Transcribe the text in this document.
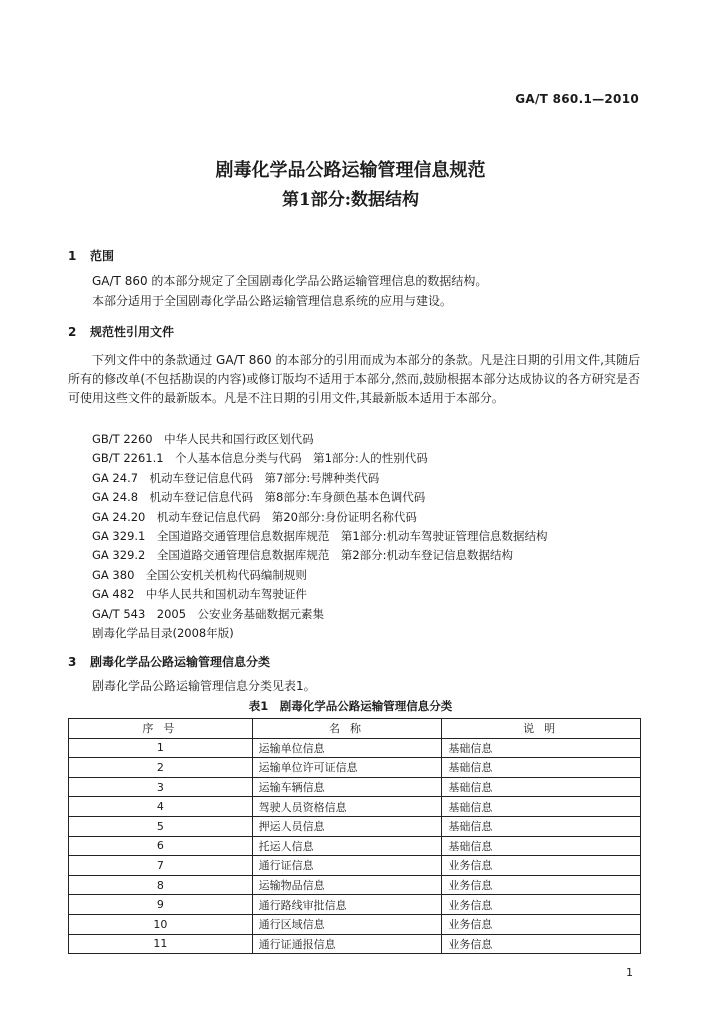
GA/T 860.1—2010
剧毒化学品公路运输管理信息规范
第1部分:数据结构
1 范围
GA/T 860 的本部分规定了全国剧毒化学品公路运输管理信息的数据结构。
本部分适用于全国剧毒化学品公路运输管理信息系统的应用与建设。
2 规范性引用文件
下列文件中的条款通过 GA/T 860 的本部分的引用而成为本部分的条款。凡是注日期的引用文件,其随后所有的修改单(不包括勘误的内容)或修订版均不适用于本部分,然而,鼓励根据本部分达成协议的各方研究是否可使用这些文件的最新版本。凡是不注日期的引用文件,其最新版本适用于本部分。
GB/T 2260　中华人民共和国行政区划代码
GB/T 2261.1　个人基本信息分类与代码　第1部分:人的性别代码
GA 24.7　机动车登记信息代码　第7部分:号牌种类代码
GA 24.8　机动车登记信息代码　第8部分:车身颜色基本色调代码
GA 24.20　机动车登记信息代码　第20部分:身份证明名称代码
GA 329.1　全国道路交通管理信息数据库规范　第1部分:机动车驾驶证管理信息数据结构
GA 329.2　全国道路交通管理信息数据库规范　第2部分:机动车登记信息数据结构
GA 380　全国公安机关机构代码编制规则
GA 482　中华人民共和国机动车驾驶证件
GA/T 543　2005　公安业务基础数据元素集
剧毒化学品目录(2008年版)
3 剧毒化学品公路运输管理信息分类
剧毒化学品公路运输管理信息分类见表1。
表1　剧毒化学品公路运输管理信息分类
序号	名称	说明
1	运输单位信息	基础信息
2	运输单位许可证信息	基础信息
3	运输车辆信息	基础信息
4	驾驶人员资格信息	基础信息
5	押运人员信息	基础信息
6	托运人信息	基础信息
7	通行证信息	业务信息
8	运输物品信息	业务信息
9	通行路线审批信息	业务信息
10	通行区域信息	业务信息
11	通行证通报信息	业务信息
1
